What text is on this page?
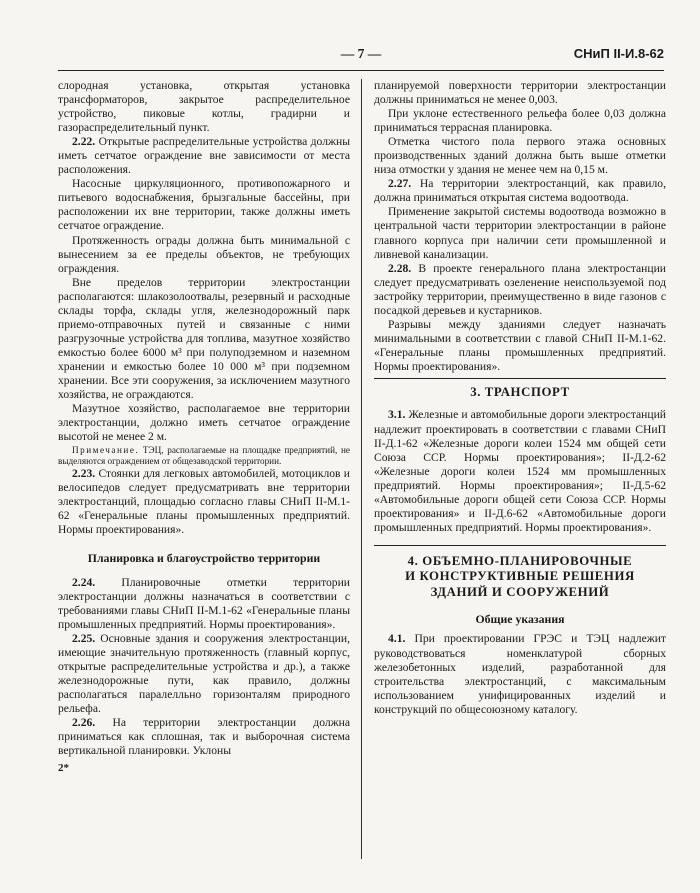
— 7 —	СНиП II-И.8-62

слородная установка, открытая установка трансформаторов, закрытое распределительное устройство, пиковые котлы, градирни и газораспределительный пункт.

2.22. Открытые распределительные устройства должны иметь сетчатое ограждение вне зависимости от места расположения.

Насосные циркуляционного, противопожарного и питьевого водоснабжения, брызгальные бассейны, при расположении их вне территории, также должны иметь сетчатое ограждение.

Протяженность ограды должна быть минимальной с вынесением за ее пределы объектов, не требующих ограждения.

Вне пределов территории электростанции располагаются: шлакозолоотвалы, резервный и расходные склады торфа, склады угля, железнодорожный парк приемо-отправочных путей и связанные с ними разгрузочные устройства для топлива, мазутное хозяйство емкостью более 6000 м³ при полуподземном и наземном хранении и емкостью более 10 000 м³ при подземном хранении. Все эти сооружения, за исключением мазутного хозяйства, не ограждаются.

Мазутное хозяйство, располагаемое вне территории электростанции, должно иметь сетчатое ограждение высотой не менее 2 м.

Примечание. ТЭЦ, располагаемые на площадке предприятий, не выделяются ограждением от общезаводской территории.

2.23. Стоянки для легковых автомобилей, мотоциклов и велосипедов следует предусматривать вне территории электростанций, площадью согласно главы СНиП II-М.1-62 «Генеральные планы промышленных предприятий. Нормы проектирования».

Планировка и благоустройство территории

2.24. Планировочные отметки территории электростанции должны назначаться в соответствии с требованиями главы СНиП II-М.1-62 «Генеральные планы промышленных предприятий. Нормы проектирования».

2.25. Основные здания и сооружения электростанции, имеющие значительную протяженность (главный корпус, открытые распределительные устройства и др.), а также железнодорожные пути, как правило, должны располагаться паралелльно горизонталям природного рельефа.

2.26. На территории электростанции должна приниматься как сплошная, так и выборочная система вертикальной планировки. Уклоны

2*

планируемой поверхности территории электростанции должны приниматься не менее 0,003.

При уклоне естественного рельефа более 0,03 должна приниматься террасная планировка.

Отметка чистого пола первого этажа основных производственных зданий должна быть выше отметки низа отмостки у здания не менее чем на 0,15 м.

2.27. На территории электростанций, как правило, должна приниматься открытая система водоотвода.

Применение закрытой системы водоотвода возможно в центральной части территории электростанции в районе главного корпуса при наличии сети промышленной и ливневой канализации.

2.28. В проекте генерального плана электростанции следует предусматривать озеленение неиспользуемой под застройку территории, преимущественно в виде газонов с посадкой деревьев и кустарников.

Разрывы между зданиями следует назначать минимальными в соответствии с главой СНиП II-М.1-62. «Генеральные планы промышленных предприятий. Нормы проектирования».

3. ТРАНСПОРТ

3.1. Железные и автомобильные дороги электростанций надлежит проектировать в соответствии с главами СНиП II-Д.1-62 «Железные дороги колеи 1524 мм общей сети Союза ССР. Нормы проектирования»; II-Д.2-62 «Железные дороги колеи 1524 мм промышленных предприятий. Нормы проектирования»; II-Д.5-62 «Автомобильные дороги общей сети Союза ССР. Нормы проектирования» и II-Д.6-62 «Автомобильные дороги промышленных предприятий. Нормы проектирования».

4. ОБЪЕМНО-ПЛАНИРОВОЧНЫЕ
И КОНСТРУКТИВНЫЕ РЕШЕНИЯ
ЗДАНИЙ И СООРУЖЕНИЙ
Общие указания

4.1. При проектировании ГРЭС и ТЭЦ надлежит руководствоваться номенклатурой сборных железобетонных изделий, разработанной для строительства электростанций, с максимальным использованием унифицированных изделий и конструкций по общесоюзному каталогу.
